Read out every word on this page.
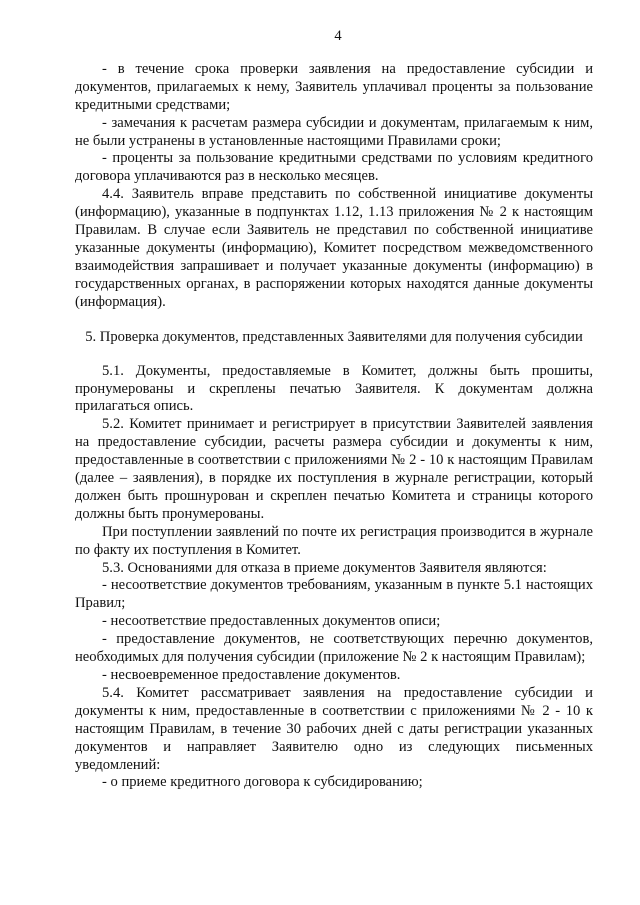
4

- в течение срока проверки заявления на предоставление субсидии и документов, прилагаемых к нему, Заявитель уплачивал проценты за пользование кредитными средствами;

- замечания к расчетам размера субсидии и документам, прилагаемым к ним, не были устранены в установленные настоящими Правилами сроки;

- проценты за пользование кредитными средствами по условиям кредитного договора уплачиваются раз в несколько месяцев.

4.4. Заявитель вправе представить по собственной инициативе документы (информацию), указанные в подпунктах 1.12, 1.13 приложения № 2 к настоящим Правилам. В случае если Заявитель не представил по собственной инициативе указанные документы (информацию), Комитет посредством межведомственного взаимодействия запрашивает и получает указанные документы (информацию) в государственных органах, в распоряжении которых находятся данные документы (информация).

5. Проверка документов, представленных Заявителями для получения субсидии

5.1. Документы, предоставляемые в Комитет, должны быть прошиты, пронумерованы и скреплены печатью Заявителя. К документам должна прилагаться опись.

5.2. Комитет принимает и регистрирует в присутствии Заявителей заявления на предоставление субсидии, расчеты размера субсидии и документы к ним, предоставленные в соответствии с приложениями № 2 - 10 к настоящим Правилам (далее – заявления), в порядке их поступления в журнале регистрации, который должен быть прошнурован и скреплен печатью Комитета и страницы которого должны быть пронумерованы.

При поступлении заявлений по почте их регистрация производится в журнале по факту их поступления в Комитет.

5.3. Основаниями для отказа в приеме документов Заявителя являются:

- несоответствие документов требованиям, указанным в пункте 5.1 настоящих Правил;

- несоответствие предоставленных документов описи;

- предоставление документов, не соответствующих перечню документов, необходимых для получения субсидии (приложение № 2 к настоящим Правилам);

- несвоевременное предоставление документов.

5.4. Комитет рассматривает заявления на предоставление субсидии и документы к ним, предоставленные в соответствии с приложениями № 2 - 10 к настоящим Правилам, в течение 30 рабочих дней с даты регистрации указанных документов и направляет Заявителю одно из следующих письменных уведомлений:

- о приеме кредитного договора к субсидированию;
